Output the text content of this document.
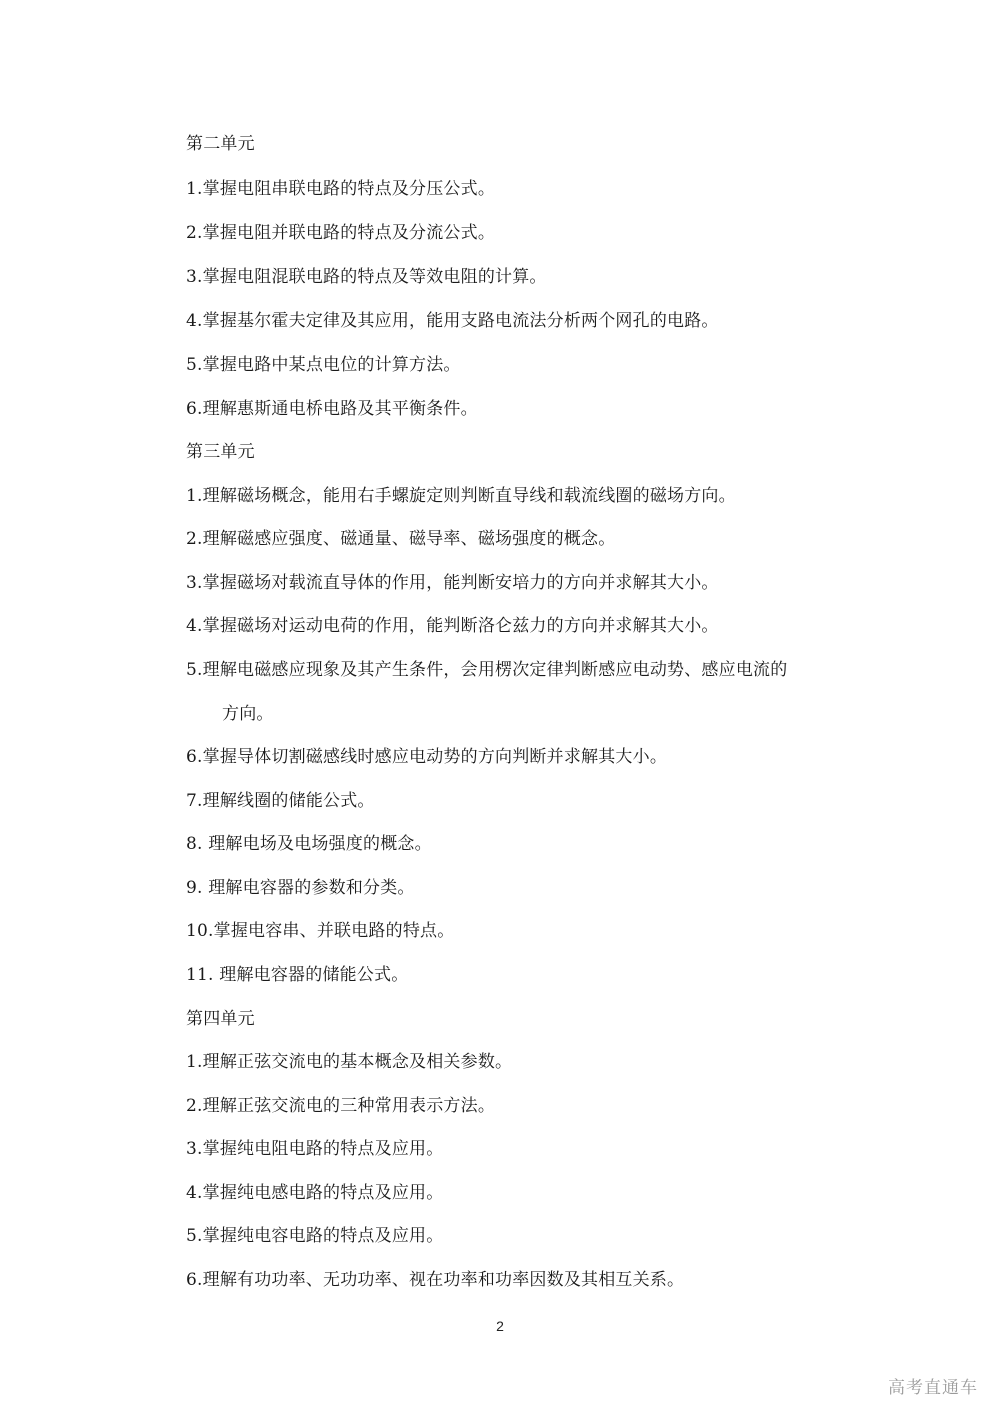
第二单元
1.掌握电阻串联电路的特点及分压公式。
2.掌握电阻并联电路的特点及分流公式。
3.掌握电阻混联电路的特点及等效电阻的计算。
4.掌握基尔霍夫定律及其应用，能用支路电流法分析两个网孔的电路。
5.掌握电路中某点电位的计算方法。
6.理解惠斯通电桥电路及其平衡条件。
第三单元
1.理解磁场概念，能用右手螺旋定则判断直导线和载流线圈的磁场方向。
2.理解磁感应强度、磁通量、磁导率、磁场强度的概念。
3.掌握磁场对载流直导体的作用，能判断安培力的方向并求解其大小。
4.掌握磁场对运动电荷的作用，能判断洛仑兹力的方向并求解其大小。
5.理解电磁感应现象及其产生条件，会用楞次定律判断感应电动势、感应电流的
方向。
6.掌握导体切割磁感线时感应电动势的方向判断并求解其大小。
7.理解线圈的储能公式。
8. 理解电场及电场强度的概念。
9. 理解电容器的参数和分类。
10.掌握电容串、并联电路的特点。
11. 理解电容器的储能公式。
第四单元
1.理解正弦交流电的基本概念及相关参数。
2.理解正弦交流电的三种常用表示方法。
3.掌握纯电阻电路的特点及应用。
4.掌握纯电感电路的特点及应用。
5.掌握纯电容电路的特点及应用。
6.理解有功功率、无功功率、视在功率和功率因数及其相互关系。
2
高考直通车
